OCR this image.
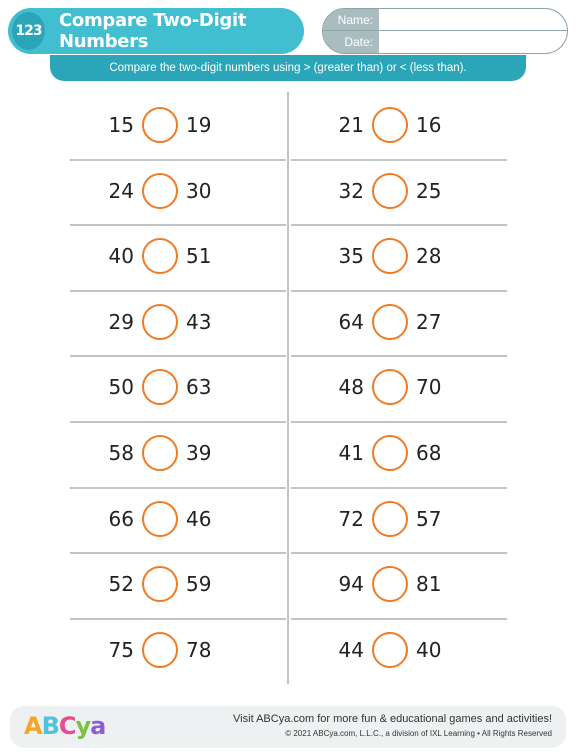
123 Compare Two-Digit Numbers
Name:
Date:
Compare the two-digit numbers using > (greater than) or < (less than).
15	19
24	30
40	51
29	43
50	63
58	39
66	46
52	59
75	78
21	16
32	25
35	28
64	27
48	70
41	68
72	57
94	81
44	40
ABCya	Visit ABCya.com for more fun & educational games and activities!
© 2021 ABCya.com, L.L.C., a division of IXL Learning • All Rights Reserved
